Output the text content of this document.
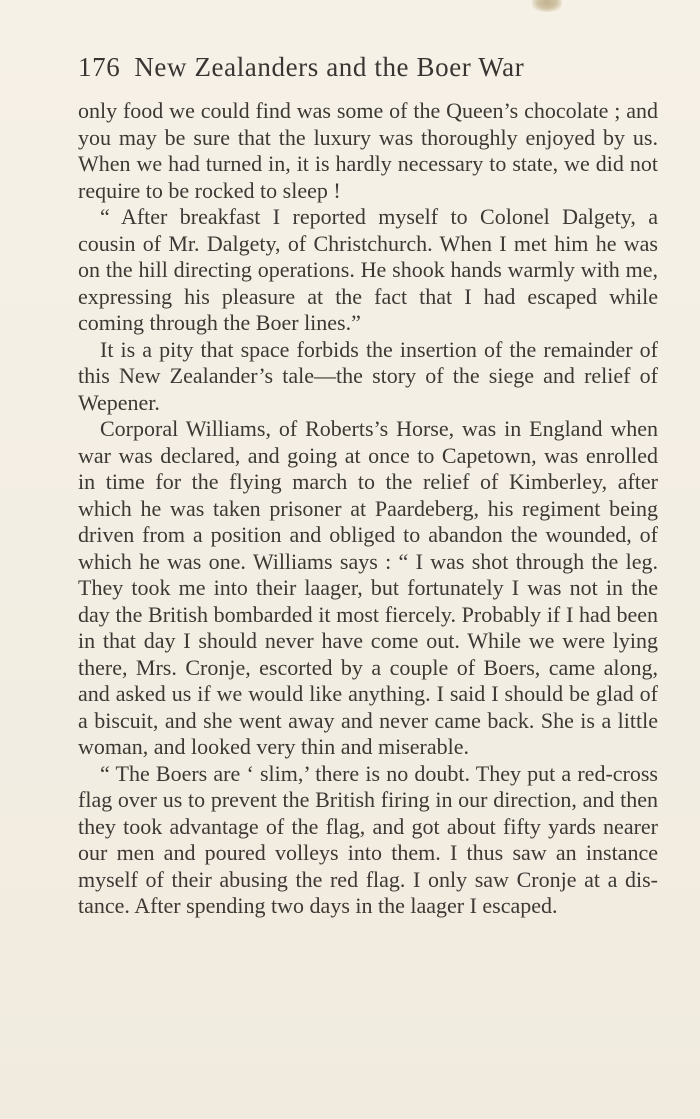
176 New Zealanders and the Boer War

only food we could find was some of the Queen’s chocolate ; and you may be sure that the luxury was thoroughly enjoyed by us. When we had turned in, it is hardly necessary to state, we did not require to be rocked to sleep !

“ After breakfast I reported myself to Colonel Dalgety, a cousin of Mr. Dalgety, of Christchurch. When I met him he was on the hill directing operations. He shook hands warmly with me, expressing his pleasure at the fact that I had escaped while coming through the Boer lines.”

It is a pity that space forbids the insertion of the remainder of this New Zealander’s tale—the story of the siege and relief of Wepener.

Corporal Williams, of Roberts’s Horse, was in England when war was declared, and going at once to Capetown, was enrolled in time for the flying march to the relief of Kimberley, after which he was taken prisoner at Paardeberg, his regiment being driven from a position and obliged to abandon the wounded, of which he was one. Williams says : “ I was shot through the leg. They took me into their laager, but fortunately I was not in the day the British bombarded it most fiercely. Probably if I had been in that day I should never have come out. While we were lying there, Mrs. Cronje, escorted by a couple of Boers, came along, and asked us if we would like anything. I said I should be glad of a biscuit, and she went away and never came back. She is a little woman, and looked very thin and miserable.

“ The Boers are ‘ slim,’ there is no doubt. They put a red-cross flag over us to prevent the British firing in our direction, and then they took advantage of the flag, and got about fifty yards nearer our men and poured volleys into them. I thus saw an instance myself of their abusing the red flag. I only saw Cronje at a distance. After spending two days in the laager I escaped.
